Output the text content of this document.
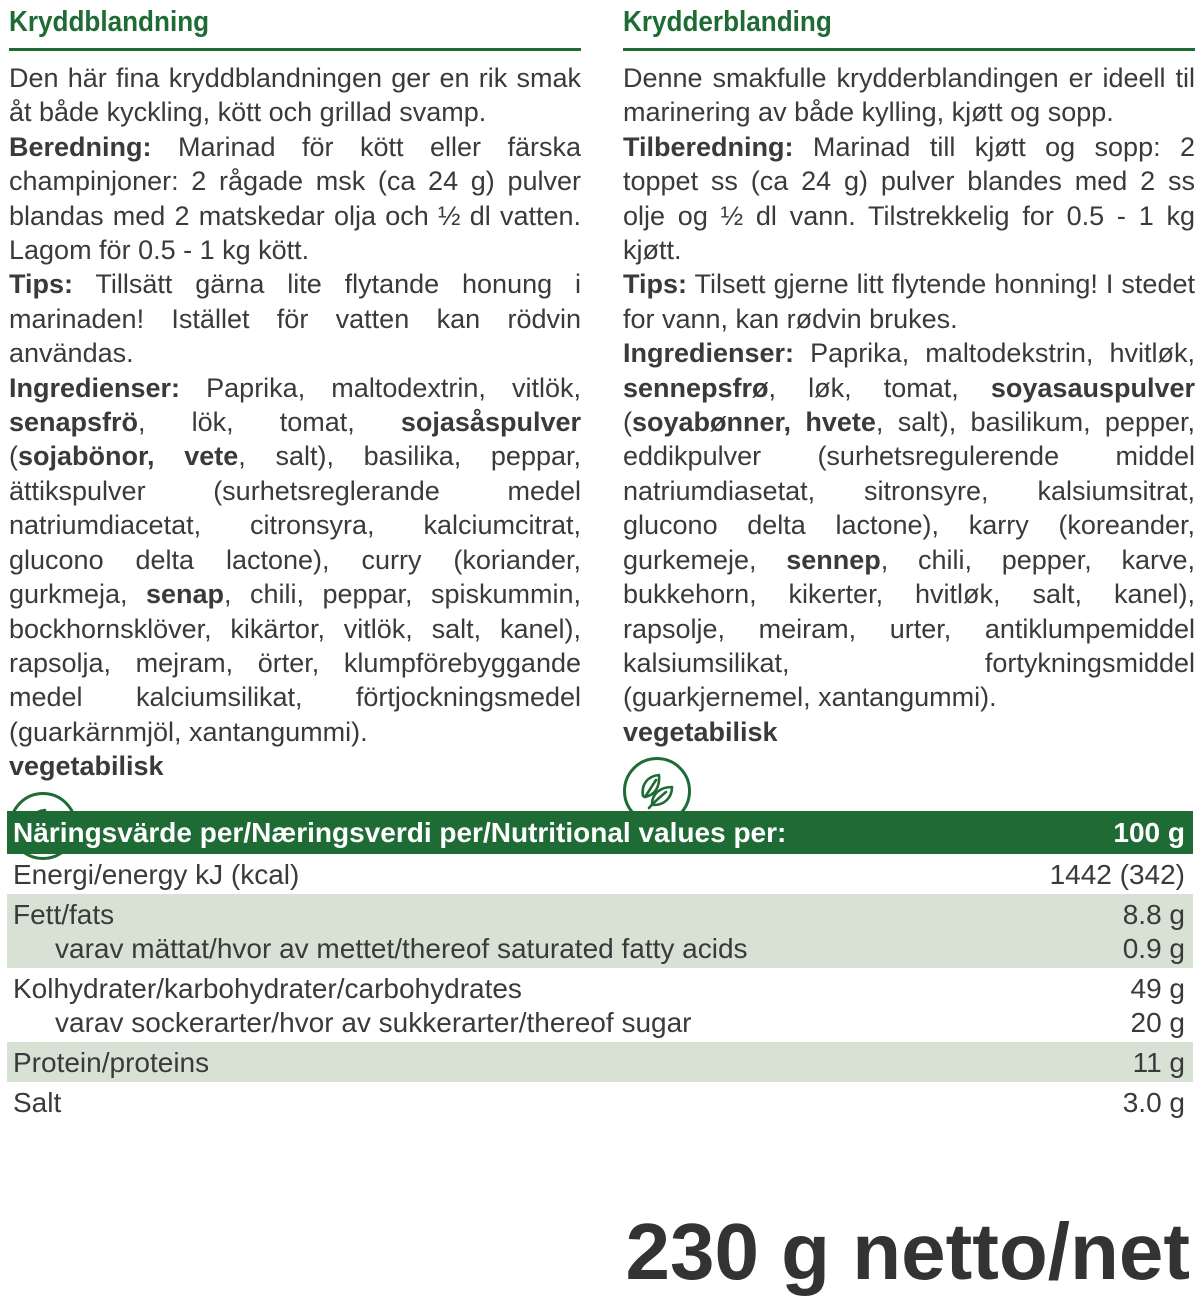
Kryddblandning

Den här fina kryddblandningen ger en rik smak åt både kyckling, kött och grillad svamp.

Beredning: Marinad för kött eller färska champinjoner: 2 rågade msk (ca 24 g) pulver blandas med 2 matskedar olja och ½ dl vatten. Lagom för 0.5 - 1 kg kött.

Tips: Tillsätt gärna lite flytande honung i marinaden! Istället för vatten kan rödvin användas.

Ingredienser: Paprika, maltodextrin, vitlök, senapsfrö, lök, tomat, sojasåspulver (sojabönor, vete, salt), basilika, peppar, ättikspulver (surhetsreglerande medel natriumdiacetat, citronsyra, kalciumcitrat, glucono delta lactone), curry (koriander, gurkmeja, senap, chili, peppar, spiskummin, bockhornsklöver, kikärtor, vitlök, salt, kanel), rapsolja, mejram, örter, klumpförebyggande medel kalciumsilikat, förtjockningsmedel (guarkärnmjöl, xantangummi).

vegetabilisk
Krydderblanding

Denne smakfulle krydderblandingen er ideell til marinering av både kylling, kjøtt og sopp.

Tilberedning: Marinad till kjøtt og sopp: 2 toppet ss (ca 24 g) pulver blandes med 2 ss olje og ½ dl vann. Tilstrekkelig for 0.5 - 1 kg kjøtt.

Tips: Tilsett gjerne litt flytende honning! I stedet for vann, kan rødvin brukes.

Ingredienser: Paprika, maltodekstrin, hvitløk, sennepsfrø, løk, tomat, soyasauspulver (soyabønner, hvete, salt), basilikum, pepper, eddikpulver (surhetsregulerende middel natriumdiasetat, sitronsyre, kalsiumsitrat, glucono delta lactone), karry (koreander, gurkemeje, sennep, chili, pepper, karve, bukkehorn, kikerter, hvitløk, salt, kanel), rapsolje, meiram, urter, antiklumpemiddel kalsiumsilikat, fortykningsmiddel (guarkjernemel, xantangummi).

vegetabilisk
Näringsvärde per/Næringsverdi per/Nutritional values per:	100 g
Energi/energy kJ (kcal)	1442 (342)
Fett/fats	8.8 g
varav mättat/hvor av mettet/thereof saturated fatty acids	0.9 g
Kolhydrater/karbohydrater/carbohydrates	49 g
varav sockerarter/hvor av sukkerarter/thereof sugar	20 g
Protein/proteins	11 g
Salt	3.0 g
230 g netto/net
